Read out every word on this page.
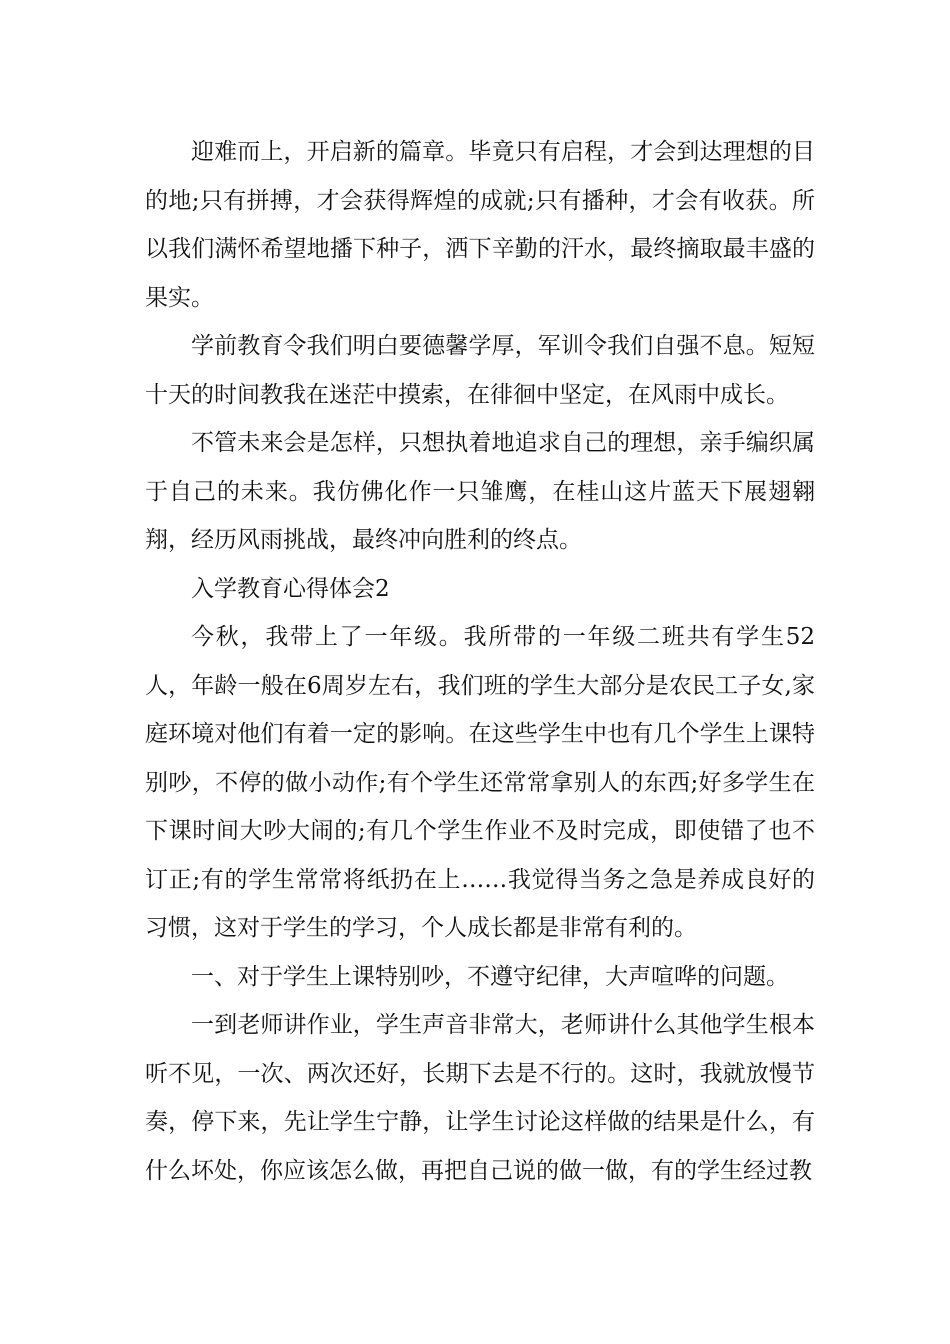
迎难而上，开启新的篇章。毕竟只有启程，才会到达理想的目的地;只有拼搏，才会获得辉煌的成就;只有播种，才会有收获。所以我们满怀希望地播下种子，洒下辛勤的汗水，最终摘取最丰盛的果实。

学前教育令我们明白要德馨学厚，军训令我们自强不息。短短十天的时间教我在迷茫中摸索，在徘徊中坚定，在风雨中成长。

不管未来会是怎样，只想执着地追求自己的理想，亲手编织属于自己的未来。我仿佛化作一只雏鹰，在桂山这片蓝天下展翅翱翔，经历风雨挑战，最终冲向胜利的终点。

入学教育心得体会2

今秋，我带上了一年级。我所带的一年级二班共有学生52人，年龄一般在6周岁左右，我们班的学生大部分是农民工子女,家庭环境对他们有着一定的影响。在这些学生中也有几个学生上课特别吵，不停的做小动作;有个学生还常常拿别人的东西;好多学生在下课时间大吵大闹的;有几个学生作业不及时完成，即使错了也不订正;有的学生常常将纸扔在上……我觉得当务之急是养成良好的习惯，这对于学生的学习，个人成长都是非常有利的。

一、对于学生上课特别吵，不遵守纪律，大声喧哗的问题。

一到老师讲作业，学生声音非常大，老师讲什么其他学生根本听不见，一次、两次还好，长期下去是不行的。这时，我就放慢节奏，停下来，先让学生宁静，让学生讨论这样做的结果是什么，有什么坏处，你应该怎么做，再把自己说的做一做，有的学生经过教
